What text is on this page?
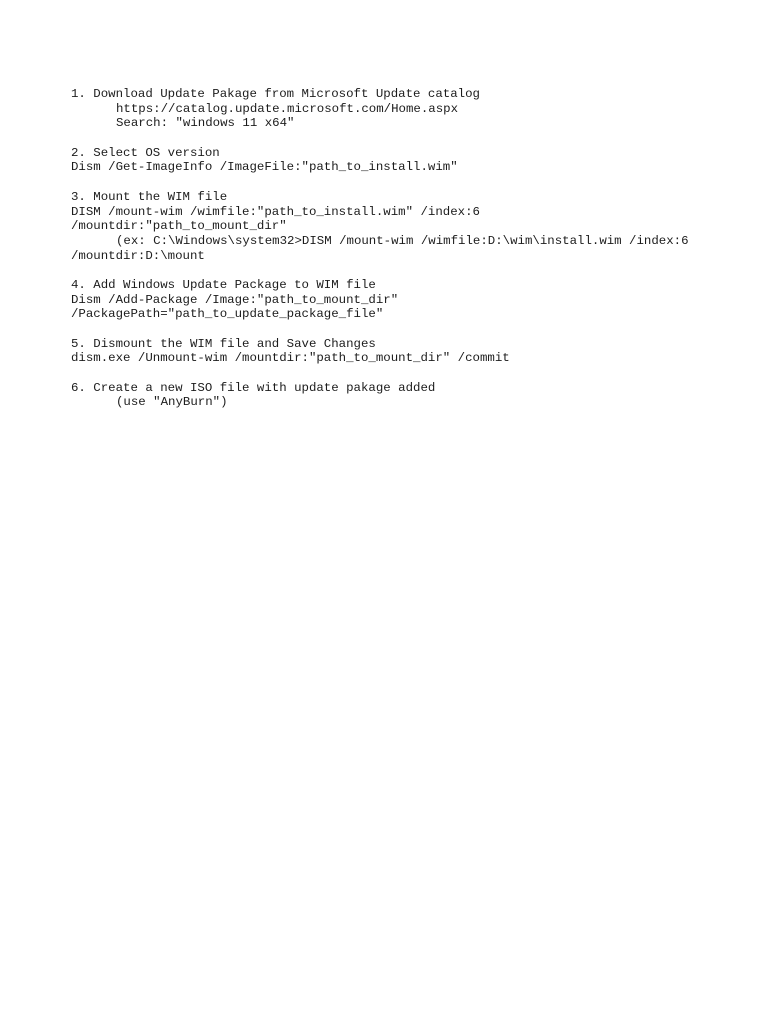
1. Download Update Pakage from Microsoft Update catalog
https://catalog.update.microsoft.com/Home.aspx
Search: "windows 11 x64"
2. Select OS version
Dism /Get-ImageInfo /ImageFile:"path_to_install.wim"
3. Mount the WIM file
DISM /mount-wim /wimfile:"path_to_install.wim" /index:6
/mountdir:"path_to_mount_dir"
(ex: C:\Windows\system32>DISM /mount-wim /wimfile:D:\wim\install.wim /index:6
/mountdir:D:\mount
4. Add Windows Update Package to WIM file
Dism /Add-Package /Image:"path_to_mount_dir"
/PackagePath="path_to_update_package_file"
5. Dismount the WIM file and Save Changes
dism.exe /Unmount-wim /mountdir:"path_to_mount_dir" /commit
6. Create a new ISO file with update pakage added
(use "AnyBurn")
